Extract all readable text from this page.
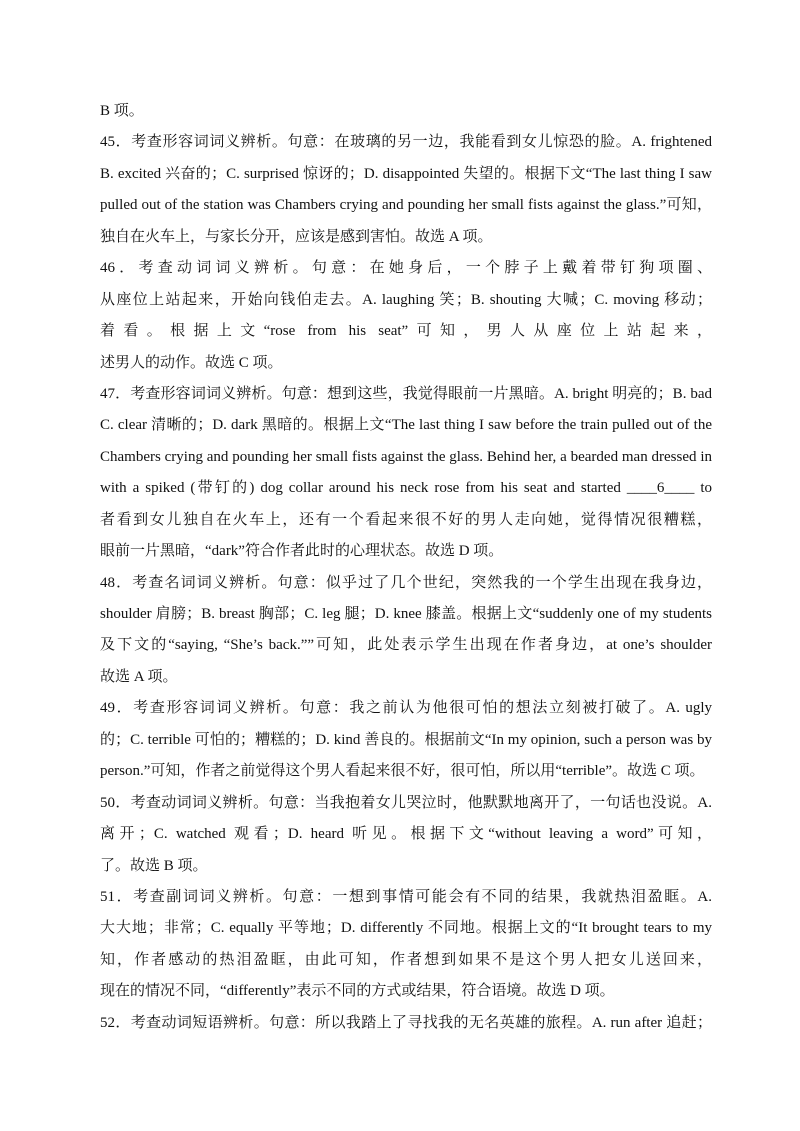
B 项。
45．考查形容词词义辨析。句意：在玻璃的另一边，我能看到女儿惊恐的脸。A. frightened
B. excited 兴奋的；C. surprised 惊讶的；D. disappointed 失望的。根据下文“The last thing I saw
pulled out of the station was Chambers crying and pounding her small fists against the glass.”可知，
独自在火车上，与家长分开，应该是感到害怕。故选 A 项。
46．考查动词词义辨析。句意：在她身后，一个脖子上戴着带钉狗项圈、
从座位上站起来，开始向钱伯走去。A. laughing 笑；B. shouting 大喊；C. moving 移动；
着看。根据上文“rose from his seat”可知，男人从座位上站起来，
述男人的动作。故选 C 项。
47．考查形容词词义辨析。句意：想到这些，我觉得眼前一片黑暗。A. bright 明亮的；B. bad
C. clear 清晰的；D. dark 黑暗的。根据上文“The last thing I saw before the train pulled out of the
Chambers crying and pounding her small fists against the glass. Behind her, a bearded man dressed in
with a spiked (带钉的) dog collar around his neck rose from his seat and started ____6____ to
者看到女儿独自在火车上，还有一个看起来很不好的男人走向她，觉得情况很糟糕，
眼前一片黑暗，“dark”符合作者此时的心理状态。故选 D 项。
48．考查名词词义辨析。句意：似乎过了几个世纪，突然我的一个学生出现在我身边，
shoulder 肩膀；B. breast 胸部；C. leg 腿；D. knee 膝盖。根据上文“suddenly one of my students
及下文的“saying, “She’s back.””可知，此处表示学生出现在作者身边，at one’s shoulder
故选 A 项。
49．考查形容词词义辨析。句意：我之前认为他很可怕的想法立刻被打破了。A. ugly
的；C. terrible 可怕的；糟糕的；D. kind 善良的。根据前文“In my opinion, such a person was by
person.”可知，作者之前觉得这个男人看起来很不好，很可怕，所以用“terrible”。故选 C 项。
50．考查动词词义辨析。句意：当我抱着女儿哭泣时，他默默地离开了，一句话也没说。A.
离开；C. watched 观看；D. heard 听见。根据下文“without leaving a word”可知，
了。故选 B 项。
51．考查副词词义辨析。句意：一想到事情可能会有不同的结果，我就热泪盈眶。A.
大大地；非常；C. equally 平等地；D. differently 不同地。根据上文的“It brought tears to my
知，作者感动的热泪盈眶，由此可知，作者想到如果不是这个男人把女儿送回来，
现在的情况不同，“differently”表示不同的方式或结果，符合语境。故选 D 项。
52．考查动词短语辨析。句意：所以我踏上了寻找我的无名英雄的旅程。A. run after 追赶；
